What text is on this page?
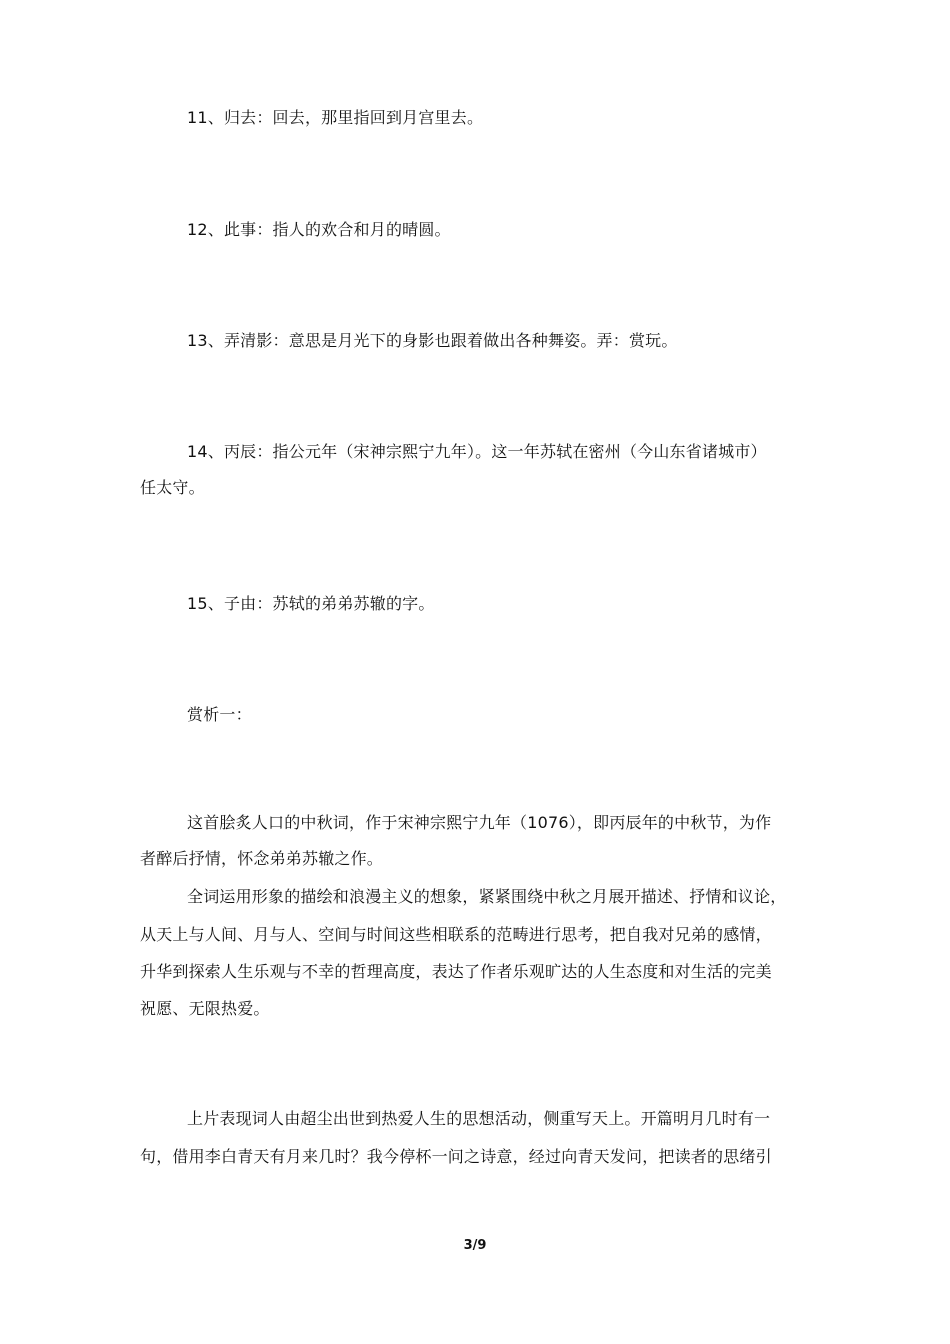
11、归去：回去，那里指回到月宫里去。
12、此事：指人的欢合和月的晴圆。
13、弄清影：意思是月光下的身影也跟着做出各种舞姿。弄：赏玩。
14、丙辰：指公元年（宋神宗熙宁九年）。这一年苏轼在密州（今山东省诸城市）
任太守。
15、子由：苏轼的弟弟苏辙的字。
赏析一：
这首脍炙人口的中秋词，作于宋神宗熙宁九年（1076），即丙辰年的中秋节，为作
者醉后抒情，怀念弟弟苏辙之作。
全词运用形象的描绘和浪漫主义的想象，紧紧围绕中秋之月展开描述、抒情和议论，
从天上与人间、月与人、空间与时间这些相联系的范畴进行思考，把自我对兄弟的感情，
升华到探索人生乐观与不幸的哲理高度，表达了作者乐观旷达的人生态度和对生活的完美
祝愿、无限热爱。
上片表现词人由超尘出世到热爱人生的思想活动，侧重写天上。开篇明月几时有一
句，借用李白青天有月来几时？我今停杯一问之诗意，经过向青天发问，把读者的思绪引
3/9
